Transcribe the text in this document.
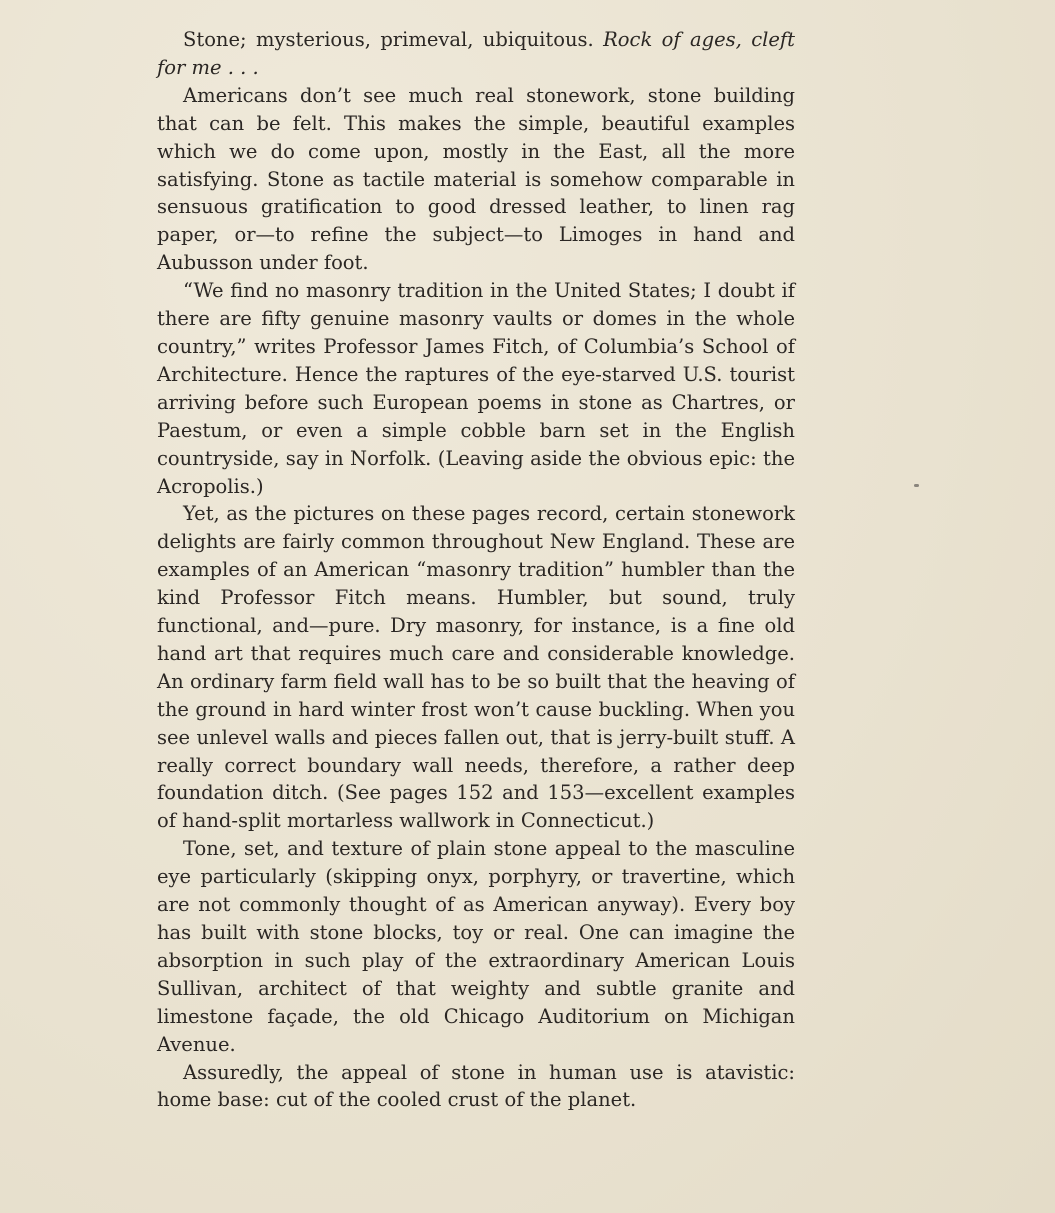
Stone; mysterious, primeval, ubiquitous. Rock of ages, cleft for me . . .

Americans don’t see much real stonework, stone building that can be felt. This makes the simple, beautiful examples which we do come upon, mostly in the East, all the more satisfying. Stone as tactile material is somehow comparable in sensuous gratification to good dressed leather, to linen rag paper, or—to refine the subject—to Limoges in hand and Aubusson under foot.

“We find no masonry tradition in the United States; I doubt if there are fifty genuine masonry vaults or domes in the whole country,” writes Professor James Fitch, of Columbia’s School of Architecture. Hence the raptures of the eye-starved U.S. tourist arriving before such European poems in stone as Chartres, or Paestum, or even a simple cobble barn set in the English countryside, say in Norfolk. (Leaving aside the obvious epic: the Acropolis.)

Yet, as the pictures on these pages record, certain stonework delights are fairly common throughout New England. These are examples of an American “masonry tradition” humbler than the kind Professor Fitch means. Humbler, but sound, truly functional, and—pure. Dry masonry, for instance, is a fine old hand art that requires much care and considerable knowledge. An ordinary farm field wall has to be so built that the heaving of the ground in hard winter frost won’t cause buckling. When you see unlevel walls and pieces fallen out, that is jerry-built stuff. A really correct boundary wall needs, therefore, a rather deep foundation ditch. (See pages 152 and 153—excellent examples of hand-split mortarless wallwork in Connecticut.)

Tone, set, and texture of plain stone appeal to the masculine eye particularly (skipping onyx, porphyry, or travertine, which are not commonly thought of as American anyway). Every boy has built with stone blocks, toy or real. One can imagine the absorption in such play of the extraordinary American Louis Sullivan, architect of that weighty and subtle granite and limestone façade, the old Chicago Auditorium on Michigan Avenue.

Assuredly, the appeal of stone in human use is atavistic: home base: cut of the cooled crust of the planet.
